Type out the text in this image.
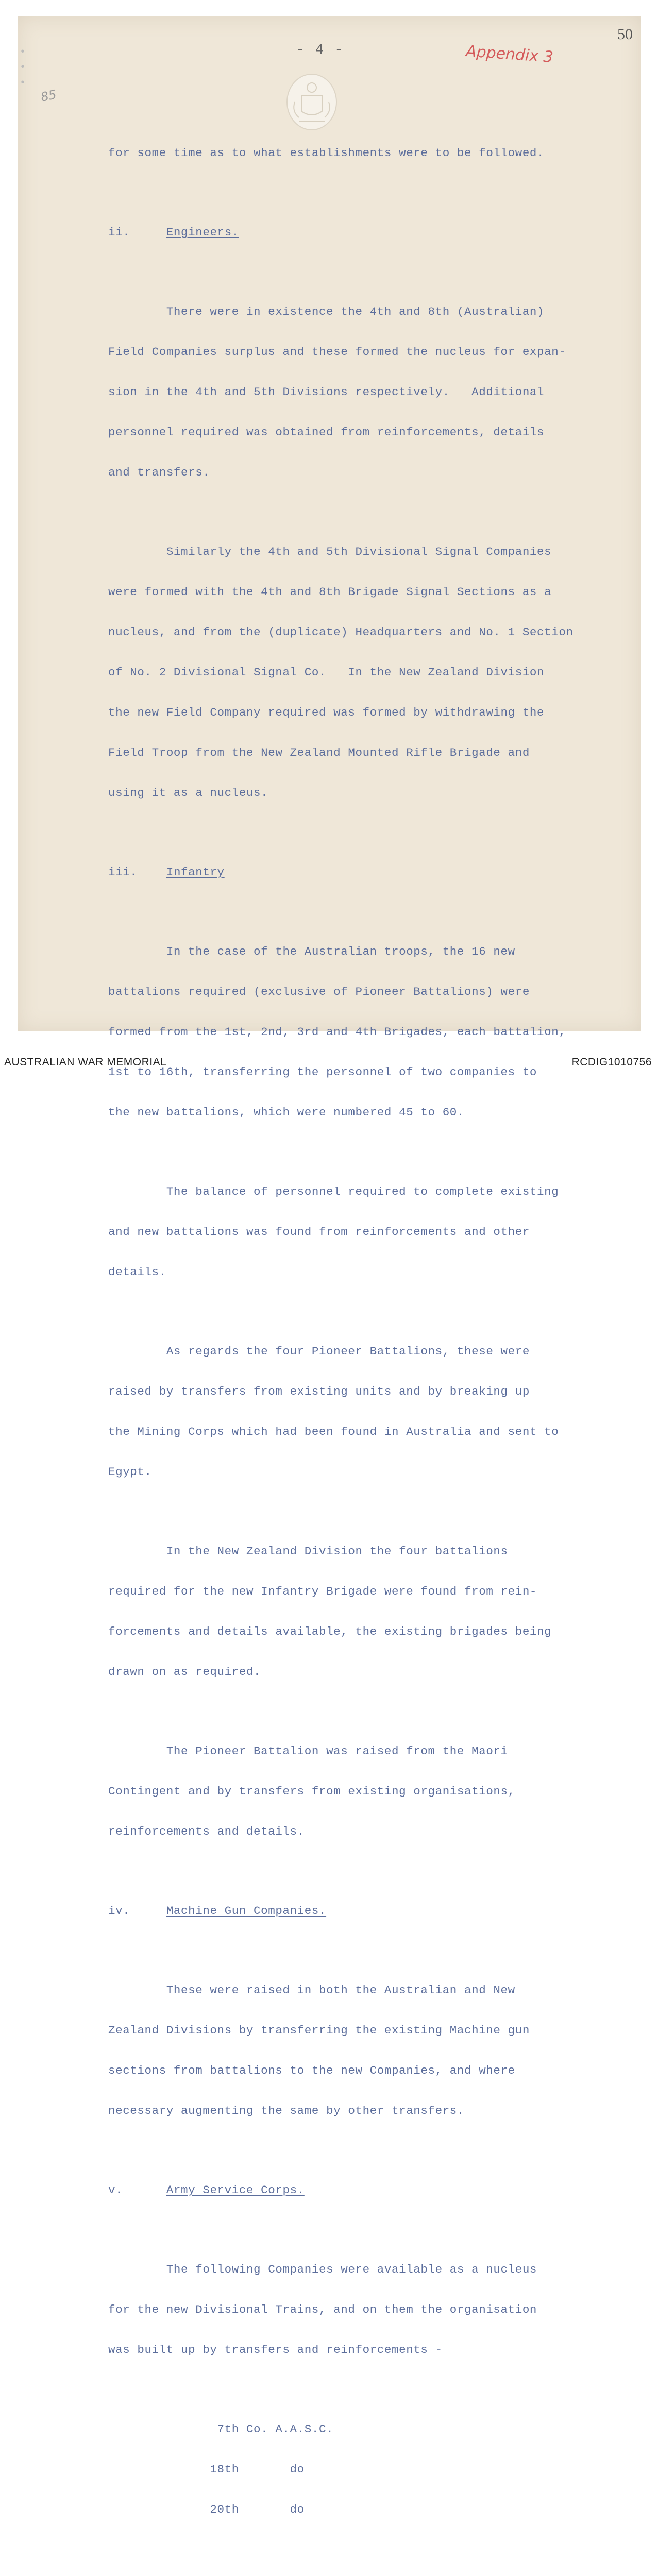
•
•
•
50
- 4 -	Appendix 3
85

for some time as to what establishments were to be followed.

ii.	Engineers.

There were in existence the 4th and 8th (Australian)

Field Companies surplus and these formed the nucleus for expan-

sion in the 4th and 5th Divisions respectively.   Additional

personnel required was obtained from reinforcements, details

and transfers.

Similarly the 4th and 5th Divisional Signal Companies

were formed with the 4th and 8th Brigade Signal Sections as a

nucleus, and from the (duplicate) Headquarters and No. 1 Section

of No. 2 Divisional Signal Co.   In the New Zealand Division

the new Field Company required was formed by withdrawing the

Field Troop from the New Zealand Mounted Rifle Brigade and

using it as a nucleus.

iii.	Infantry

In the case of the Australian troops, the 16 new

battalions required (exclusive of Pioneer Battalions) were

formed from the 1st, 2nd, 3rd and 4th Brigades, each battalion,

1st to 16th, transferring the personnel of two companies to

the new battalions, which were numbered 45 to 60.

The balance of personnel required to complete existing

and new battalions was found from reinforcements and other

details.

As regards the four Pioneer Battalions, these were

raised by transfers from existing units and by breaking up

the Mining Corps which had been found in Australia and sent to

Egypt.

In the New Zealand Division the four battalions

required for the new Infantry Brigade were found from rein-

forcements and details available, the existing brigades being

drawn on as required.

The Pioneer Battalion was raised from the Maori

Contingent and by transfers from existing organisations,

reinforcements and details.

iv.	Machine Gun Companies.

These were raised in both the Australian and New

Zealand Divisions by transferring the existing Machine gun

sections from battalions to the new Companies, and where

necessary augmenting the same by other transfers.

v.	Army Service Corps.

The following Companies were available as a nucleus

for the new Divisional Trains, and on them the organisation

was built up by transfers and reinforcements -

7th Co. A.A.S.C.

18th       do

20th       do

AUSTRALIAN WAR MEMORIAL	RCDIG1010756
